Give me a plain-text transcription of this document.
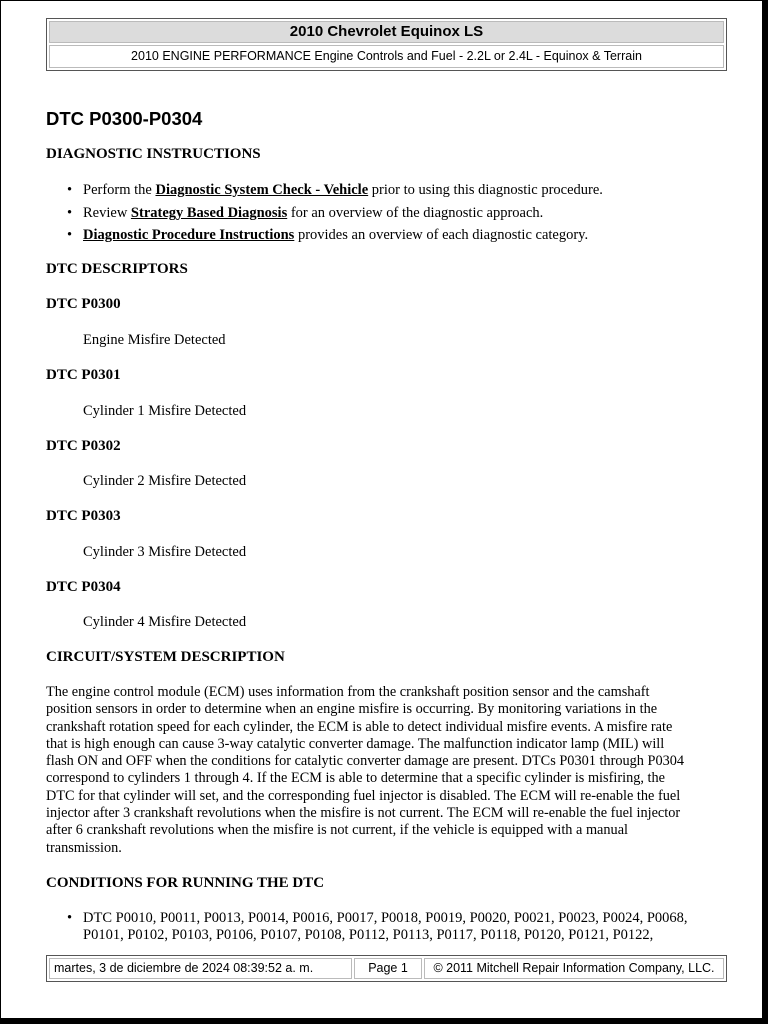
2010 Chevrolet Equinox LS
2010 ENGINE PERFORMANCE Engine Controls and Fuel - 2.2L or 2.4L - Equinox & Terrain
DTC P0300-P0304
DIAGNOSTIC INSTRUCTIONS
• Perform the Diagnostic System Check - Vehicle prior to using this diagnostic procedure.
• Review Strategy Based Diagnosis for an overview of the diagnostic approach.
• Diagnostic Procedure Instructions provides an overview of each diagnostic category.
DTC DESCRIPTORS
DTC P0300
Engine Misfire Detected
DTC P0301
Cylinder 1 Misfire Detected
DTC P0302
Cylinder 2 Misfire Detected
DTC P0303
Cylinder 3 Misfire Detected
DTC P0304
Cylinder 4 Misfire Detected
CIRCUIT/SYSTEM DESCRIPTION
The engine control module (ECM) uses information from the crankshaft position sensor and the camshaft
position sensors in order to determine when an engine misfire is occurring. By monitoring variations in the
crankshaft rotation speed for each cylinder, the ECM is able to detect individual misfire events. A misfire rate
that is high enough can cause 3-way catalytic converter damage. The malfunction indicator lamp (MIL) will
flash ON and OFF when the conditions for catalytic converter damage are present. DTCs P0301 through P0304
correspond to cylinders 1 through 4. If the ECM is able to determine that a specific cylinder is misfiring, the
DTC for that cylinder will set, and the corresponding fuel injector is disabled. The ECM will re-enable the fuel
injector after 3 crankshaft revolutions when the misfire is not current. The ECM will re-enable the fuel injector
after 6 crankshaft revolutions when the misfire is not current, if the vehicle is equipped with a manual
transmission.
CONDITIONS FOR RUNNING THE DTC
• DTC P0010, P0011, P0013, P0014, P0016, P0017, P0018, P0019, P0020, P0021, P0023, P0024, P0068,
P0101, P0102, P0103, P0106, P0107, P0108, P0112, P0113, P0117, P0118, P0120, P0121, P0122,
martes, 3 de diciembre de 2024 08:39:52 a. m.	Page 1	© 2011 Mitchell Repair Information Company, LLC.
